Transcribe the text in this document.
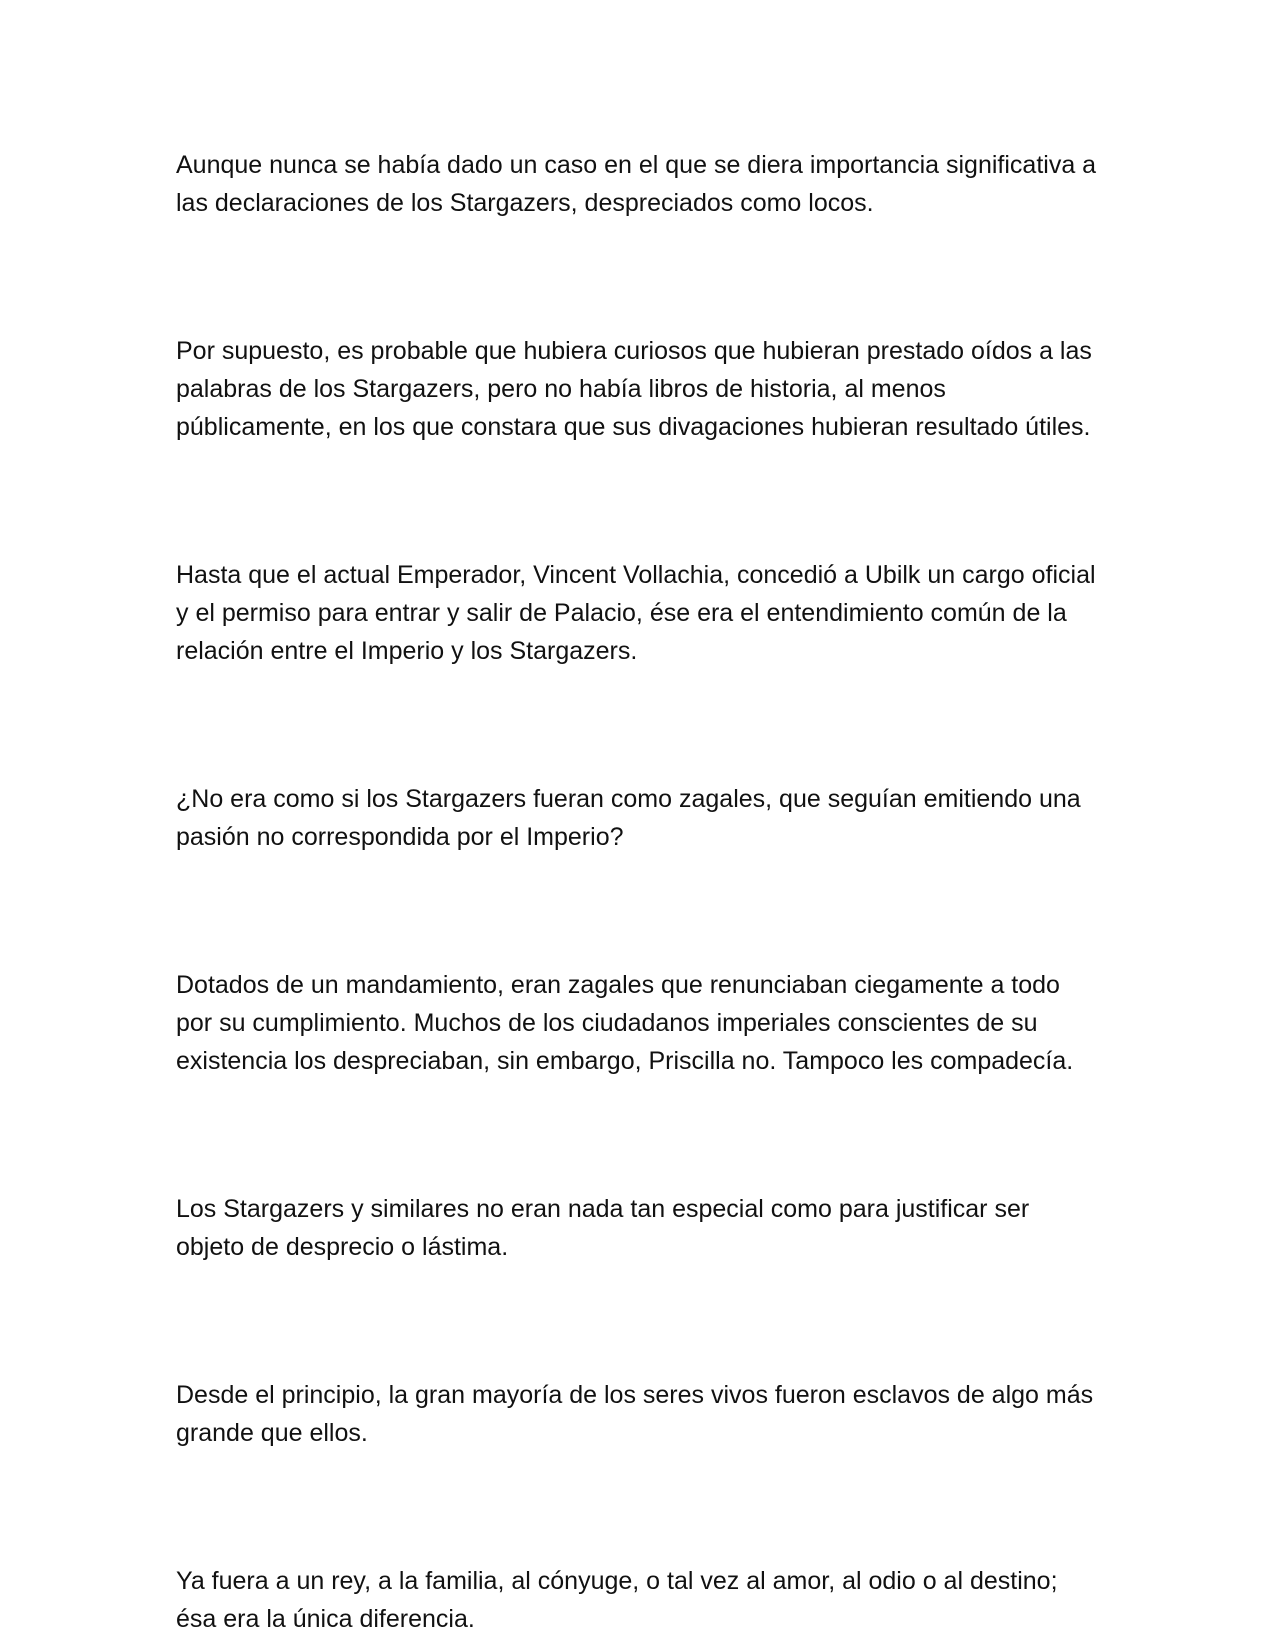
Aunque nunca se había dado un caso en el que se diera importancia significativa a las declaraciones de los Stargazers, despreciados como locos.

Por supuesto, es probable que hubiera curiosos que hubieran prestado oídos a las palabras de los Stargazers, pero no había libros de historia, al menos públicamente, en los que constara que sus divagaciones hubieran resultado útiles.

Hasta que el actual Emperador, Vincent Vollachia, concedió a Ubilk un cargo oficial y el permiso para entrar y salir de Palacio, ése era el entendimiento común de la relación entre el Imperio y los Stargazers.

¿No era como si los Stargazers fueran como zagales, que seguían emitiendo una pasión no correspondida por el Imperio?

Dotados de un mandamiento, eran zagales que renunciaban ciegamente a todo por su cumplimiento. Muchos de los ciudadanos imperiales conscientes de su existencia los despreciaban, sin embargo, Priscilla no. Tampoco les compadecía.

Los Stargazers y similares no eran nada tan especial como para justificar ser objeto de desprecio o lástima.

Desde el principio, la gran mayoría de los seres vivos fueron esclavos de algo más grande que ellos.

Ya fuera a un rey, a la familia, al cónyuge, o tal vez al amor, al odio o al destino; ésa era la única diferencia.
